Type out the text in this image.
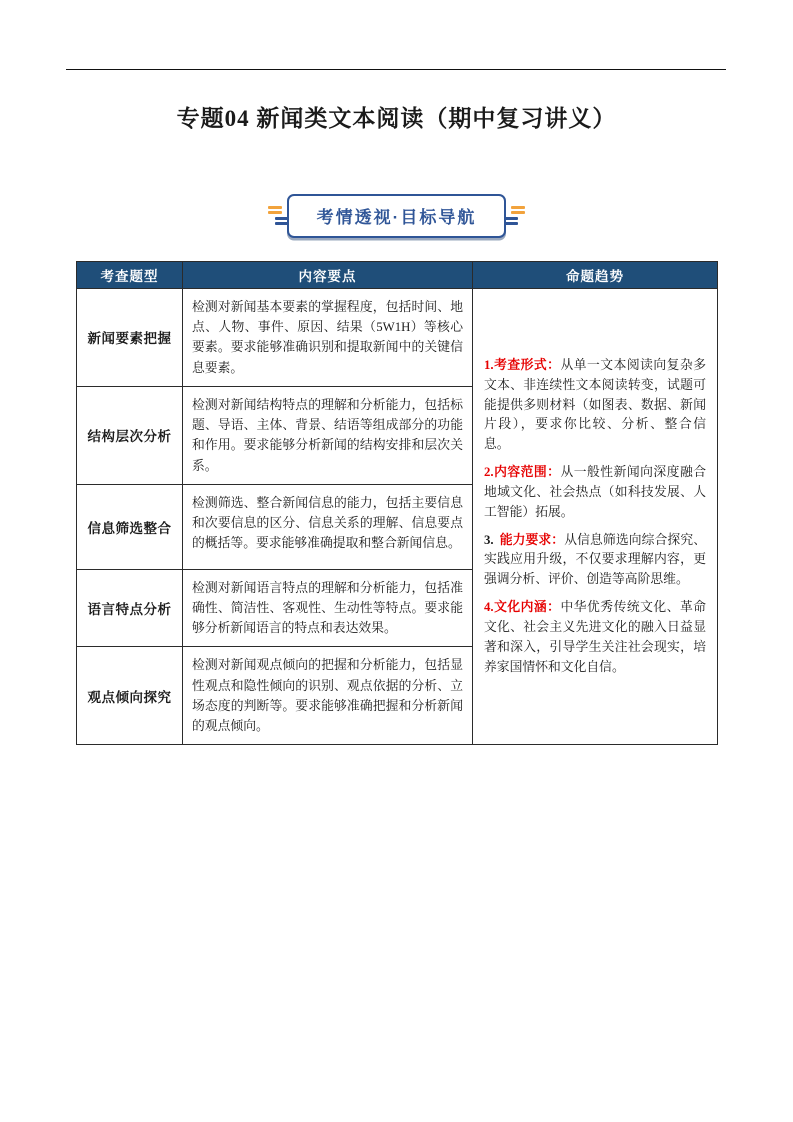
专题04 新闻类文本阅读（期中复习讲义）
考情透视·目标导航
考查题型	内容要点	命题趋势
新闻要素把握	检测对新闻基本要素的掌握程度，包括时间、地点、人物、事件、原因、结果（5W1H）等核心要素。要求能够准确识别和提取新闻中的关键信息要素。	1.考查形式：从单一文本阅读向复杂多文本、非连续性文本阅读转变，试题可能提供多则材料（如图表、数据、新闻片段），要求你比较、分析、整合信息。

2.内容范围：从一般性新闻向深度融合地域文化、社会热点（如科技发展、人工智能）拓展。

3. 能力要求：从信息筛选向综合探究、实践应用升级，不仅要求理解内容，更强调分析、评价、创造等高阶思维。

4.文化内涵：中华优秀传统文化、革命文化、社会主义先进文化的融入日益显著和深入，引导学生关注社会现实，培养家国情怀和文化自信。

结构层次分析	检测对新闻结构特点的理解和分析能力，包括标题、导语、主体、背景、结语等组成部分的功能和作用。要求能够分析新闻的结构安排和层次关系。	
信息筛选整合	检测筛选、整合新闻信息的能力，包括主要信息和次要信息的区分、信息关系的理解、信息要点的概括等。要求能够准确提取和整合新闻信息。	
语言特点分析	检测对新闻语言特点的理解和分析能力，包括准确性、简洁性、客观性、生动性等特点。要求能够分析新闻语言的特点和表达效果。	
观点倾向探究	检测对新闻观点倾向的把握和分析能力，包括显性观点和隐性倾向的识别、观点依据的分析、立场态度的判断等。要求能够准确把握和分析新闻的观点倾向。	
